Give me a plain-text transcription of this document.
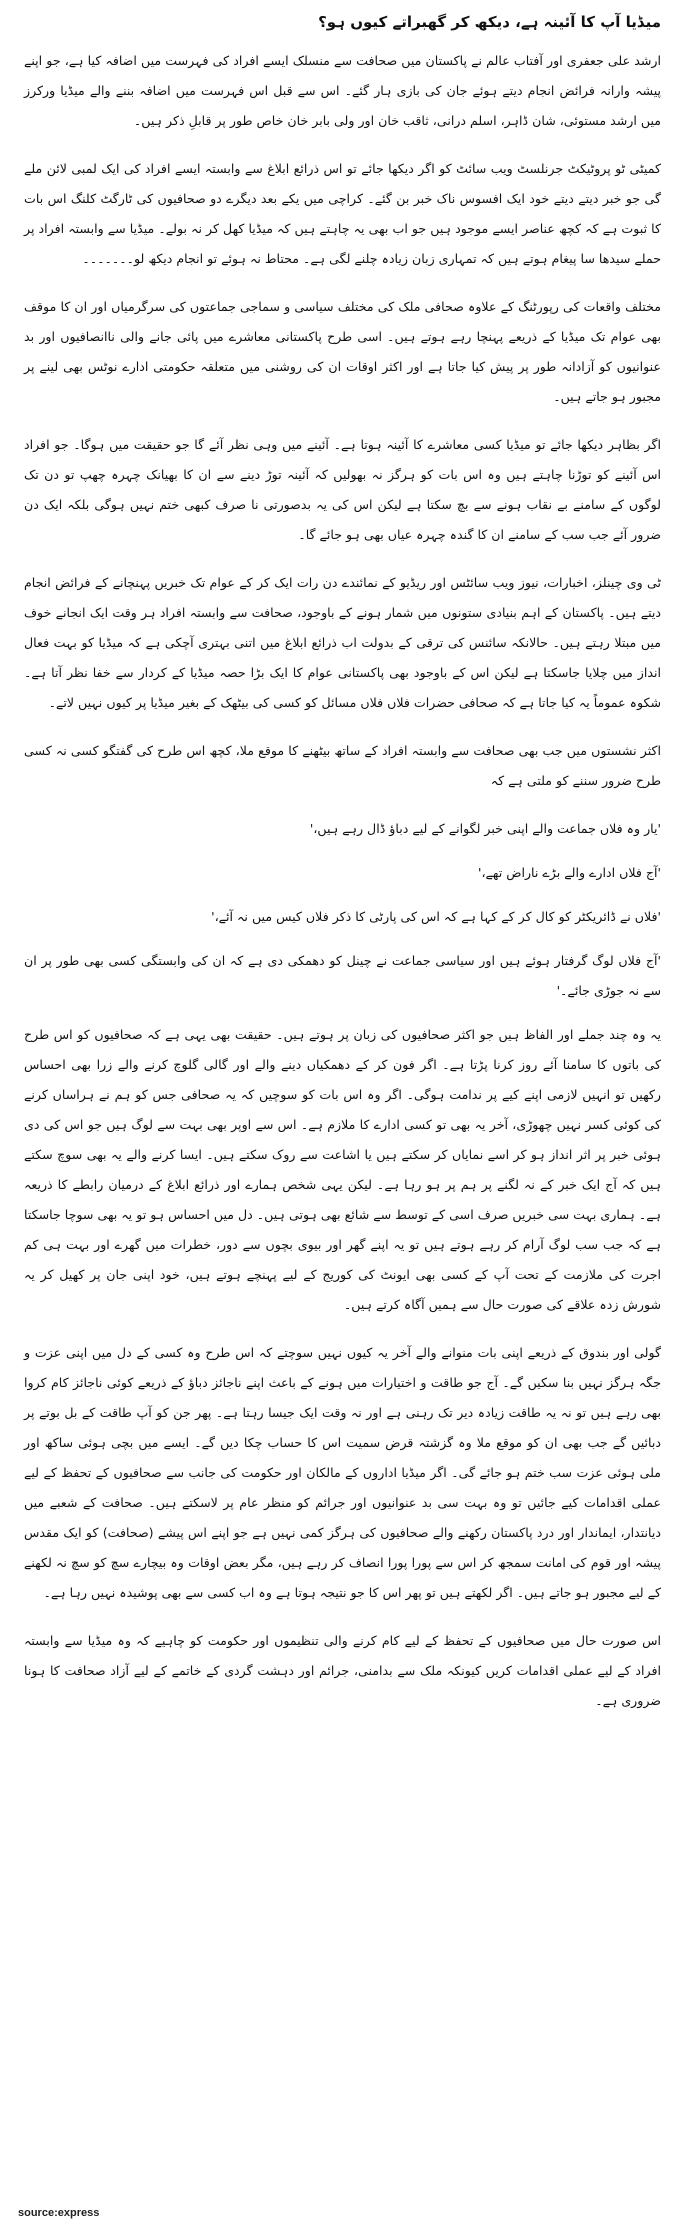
میڈیا آپ کا آئینہ ہے، دیکھ کر گھبراتے کیوں ہو؟

ارشد علی جعفری اور آفتاب عالم نے پاکستان میں صحافت سے منسلک ایسے افراد کی فہرست میں اضافہ کیا ہے، جو اپنے پیشہ وارانہ فرائض انجام دیتے ہوئے جان کی بازی ہار گئے۔ اس سے قبل اس فہرست میں اضافہ بننے والے میڈیا ورکرز میں ارشد مستوئی، شان ڈاہر، اسلم درانی، ثاقب خان اور ولی بابر خان خاص طور پر قابلِ ذکر ہیں۔

کمیٹی ٹو پروٹیکٹ جرنلسٹ ویب سائٹ کو اگر دیکھا جائے تو اس ذرائع ابلاغ سے وابستہ ایسے افراد کی ایک لمبی لائن ملے گی جو خبر دیتے دیتے خود ایک افسوس ناک خبر بن گئے۔ کراچی میں یکے بعد دیگرے دو صحافیوں کی ٹارگٹ کلنگ اس بات کا ثبوت ہے کہ کچھ عناصر ایسے موجود ہیں جو اب بھی یہ چاہتے ہیں کہ میڈیا کھل کر نہ بولے۔ میڈیا سے وابستہ افراد پر حملے سیدھا سا پیغام ہوتے ہیں کہ تمہاری زبان زیادہ چلنے لگی ہے۔ محتاط نہ ہوئے تو انجام دیکھ لو۔۔۔۔۔۔۔

مختلف واقعات کی رپورٹنگ کے علاوہ صحافی ملک کی مختلف سیاسی و سماجی جماعتوں کی سرگرمیاں اور ان کا موقف بھی عوام تک میڈیا کے ذریعے پہنچا رہے ہوتے ہیں۔ اسی طرح پاکستانی معاشرے میں پائی جانے والی ناانصافیوں اور بد عنوانیوں کو آزادانہ طور پر پیش کیا جاتا ہے اور اکثر اوقات ان کی روشنی میں متعلقہ حکومتی ادارے نوٹس بھی لینے پر مجبور ہو جاتے ہیں۔

اگر بظاہر دیکھا جائے تو میڈیا کسی معاشرے کا آئینہ ہوتا ہے۔ آئینے میں وہی نظر آئے گا جو حقیقت میں ہوگا۔ جو افراد اس آئینے کو توڑنا چاہتے ہیں وہ اس بات کو ہرگز نہ بھولیں کہ آئینہ توڑ دینے سے ان کا بھیانک چہرہ چھپ تو دن تک لوگوں کے سامنے بے نقاب ہونے سے بچ سکتا ہے لیکن اس کی یہ بدصورتی نا صرف کبھی ختم نہیں ہوگی بلکہ ایک دن ضرور آئے جب سب کے سامنے ان کا گندہ چہرہ عیاں بھی ہو جائے گا۔

ٹی وی چینلز، اخبارات، نیوز ویب سائٹس اور ریڈیو کے نمائندے دن رات ایک کر کے عوام تک خبریں پہنچانے کے فرائض انجام دیتے ہیں۔ پاکستان کے اہم بنیادی ستونوں میں شمار ہونے کے باوجود، صحافت سے وابستہ افراد ہر وقت ایک انجانے خوف میں مبتلا رہتے ہیں۔ حالانکہ سائنس کی ترقی کے بدولت اب ذرائع ابلاغ میں اتنی بہتری آچکی ہے کہ میڈیا کو بہت فعال انداز میں چلایا جاسکتا ہے لیکن اس کے باوجود بھی پاکستانی عوام کا ایک بڑا حصہ میڈیا کے کردار سے خفا نظر آتا ہے۔ شکوہ عموماً یہ کیا جاتا ہے کہ صحافی حضرات فلاں فلاں مسائل کو کسی کی بیٹھک کے بغیر میڈیا پر کیوں نہیں لاتے۔

اکثر نشستوں میں جب بھی صحافت سے وابستہ افراد کے ساتھ بیٹھنے کا موقع ملا، کچھ اس طرح کی گفتگو کسی نہ کسی طرح ضرور سننے کو ملتی ہے کہ

'یار وہ فلاں جماعت والے اپنی خبر لگوانے کے لیے دباؤ ڈال رہے ہیں،'

'آج فلاں ادارے والے بڑے ناراض تھے،'

'فلاں نے ڈائریکٹر کو کال کر کے کہا ہے کہ اس کی پارٹی کا ذکر فلاں کیس میں نہ آئے،'

'آج فلاں لوگ گرفتار ہوئے ہیں اور سیاسی جماعت نے چینل کو دھمکی دی ہے کہ ان کی وابستگی کسی بھی طور پر ان سے نہ جوڑی جائے۔'

یہ وہ چند جملے اور الفاظ ہیں جو اکثر صحافیوں کی زبان پر ہوتے ہیں۔ حقیقت بھی یہی ہے کہ صحافیوں کو اس طرح کی باتوں کا سامنا آئے روز کرنا پڑتا ہے۔ اگر فون کر کے دھمکیاں دینے والے اور گالی گلوچ کرنے والے زرا بھی احساس رکھیں تو انہیں لازمی اپنے کیے پر ندامت ہوگی۔ اگر وہ اس بات کو سوچیں کہ یہ صحافی جس کو ہم نے ہراساں کرنے کی کوئی کسر نہیں چھوڑی، آخر یہ بھی تو کسی ادارے کا ملازم ہے۔ اس سے اوپر بھی بہت سے لوگ ہیں جو اس کی دی ہوئی خبر پر اثر انداز ہو کر اسے نمایاں کر سکتے ہیں یا اشاعت سے روک سکتے ہیں۔ ایسا کرنے والے یہ بھی سوچ سکتے ہیں کہ آج ایک خبر کے نہ لگنے پر ہم پر ہو رہا ہے۔ لیکن یہی شخص ہمارے اور ذرائع ابلاغ کے درمیان رابطے کا ذریعہ ہے۔ ہماری بہت سی خبریں صرف اسی کے توسط سے شائع بھی ہوتی ہیں۔ دل میں احساس ہو تو یہ بھی سوچا جاسکتا ہے کہ جب سب لوگ آرام کر رہے ہوتے ہیں تو یہ اپنے گھر اور بیوی بچوں سے دور، خطرات میں گھرے اور بہت ہی کم اجرت کی ملازمت کے تحت آپ کے کسی بھی ایونٹ کی کوریج کے لیے پہنچے ہوتے ہیں، خود اپنی جان پر کھیل کر یہ شورش زدہ علاقے کی صورت حال سے ہمیں آگاہ کرتے ہیں۔

گولی اور بندوق کے ذریعے اپنی بات منوانے والے آخر یہ کیوں نہیں سوچتے کہ اس طرح وہ کسی کے دل میں اپنی عزت و جگہ ہرگز نہیں بنا سکیں گے۔ آج جو طاقت و اختیارات میں ہونے کے باعث اپنے ناجائز دباؤ کے ذریعے کوئی ناجائز کام کروا بھی رہے ہیں تو نہ یہ طاقت زیادہ دیر تک رہنی ہے اور نہ وقت ایک جیسا رہتا ہے۔ پھر جن کو آپ طاقت کے بل بوتے پر دبائیں گے جب بھی ان کو موقع ملا وہ گزشتہ قرض سمیت اس کا حساب چکا دیں گے۔ ایسے میں بچی ہوئی ساکھ اور ملی ہوئی عزت سب ختم ہو جائے گی۔ اگر میڈیا اداروں کے مالکان اور حکومت کی جانب سے صحافیوں کے تحفظ کے لیے عملی اقدامات کیے جائیں تو وہ بہت سی بد عنوانیوں اور جرائم کو منظر عام پر لاسکتے ہیں۔ صحافت کے شعبے میں دیانتدار، ایماندار اور درد پاکستان رکھنے والے صحافیوں کی ہرگز کمی نہیں ہے جو اپنے اس پیشے (صحافت) کو ایک مقدس پیشہ اور قوم کی امانت سمجھ کر اس سے پورا پورا انصاف کر رہے ہیں، مگر بعض اوقات وہ بیچارے سچ کو سچ نہ لکھنے کے لیے مجبور ہو جاتے ہیں۔ اگر لکھتے ہیں تو پھر اس کا جو نتیجہ ہوتا ہے وہ اب کسی سے بھی پوشیدہ نہیں رہا ہے۔

اس صورت حال میں صحافیوں کے تحفظ کے لیے کام کرنے والی تنظیموں اور حکومت کو چاہیے کہ وہ میڈیا سے وابستہ افراد کے لیے عملی اقدامات کریں کیونکہ ملک سے بدامنی، جرائم اور دہشت گردی کے خاتمے کے لیے آزاد صحافت کا ہونا ضروری ہے۔

source:express
